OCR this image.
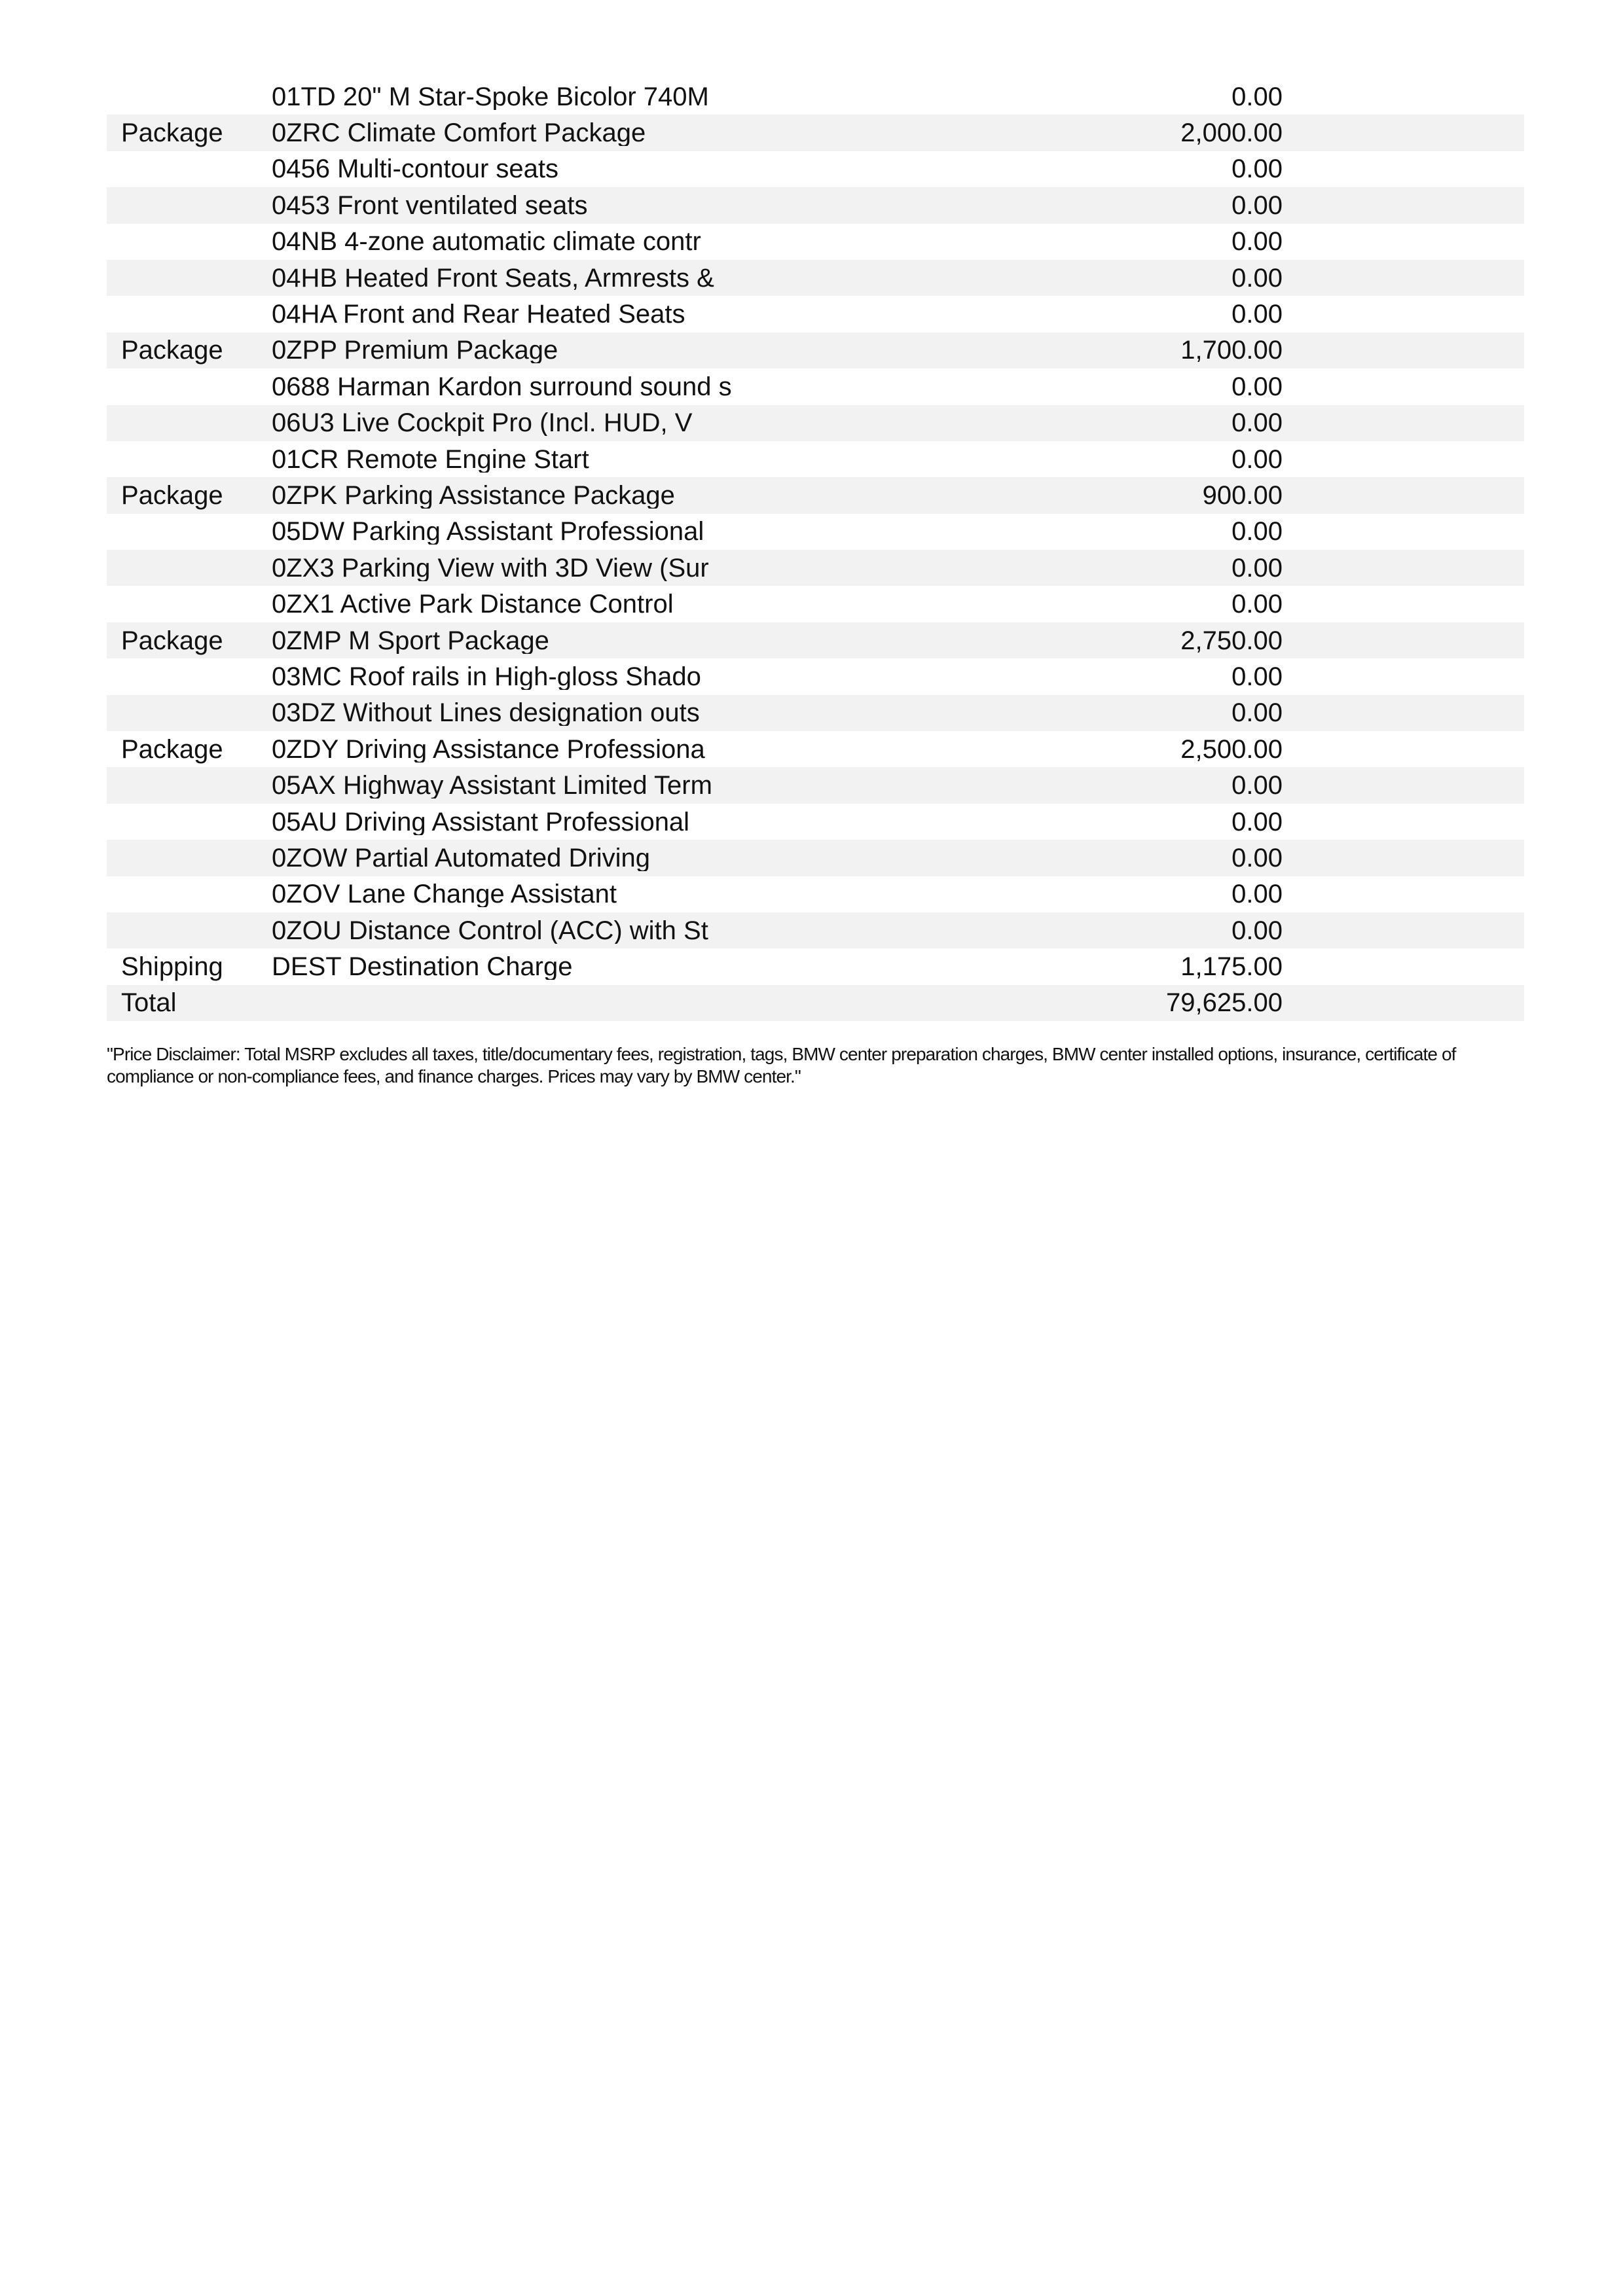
01TD 20" M Star-Spoke Bicolor 740M	0.00
Package	0ZRC Climate Comfort Package	2,000.00
0456 Multi-contour seats	0.00
0453 Front ventilated seats	0.00
04NB 4-zone automatic climate contr	0.00
04HB Heated Front Seats, Armrests &	0.00
04HA Front and Rear Heated Seats	0.00
Package	0ZPP Premium Package	1,700.00
0688 Harman Kardon surround sound s	0.00
06U3 Live Cockpit Pro (Incl. HUD, V	0.00
01CR Remote Engine Start	0.00
Package	0ZPK Parking Assistance Package	900.00
05DW Parking Assistant Professional	0.00
0ZX3 Parking View with 3D View (Sur	0.00
0ZX1 Active Park Distance Control	0.00
Package	0ZMP M Sport Package	2,750.00
03MC Roof rails in High-gloss Shado	0.00
03DZ Without Lines designation outs	0.00
Package	0ZDY Driving Assistance Professiona	2,500.00
05AX Highway Assistant Limited Term	0.00
05AU Driving Assistant Professional	0.00
0ZOW Partial Automated Driving	0.00
0ZOV Lane Change Assistant	0.00
0ZOU Distance Control (ACC) with St	0.00
Shipping	DEST Destination Charge	1,175.00
Total	79,625.00
"Price Disclaimer: Total MSRP excludes all taxes, title/documentary fees, registration, tags, BMW center preparation charges, BMW center installed options, insurance, certificate of compliance or non-compliance fees, and finance charges. Prices may vary by BMW center."
